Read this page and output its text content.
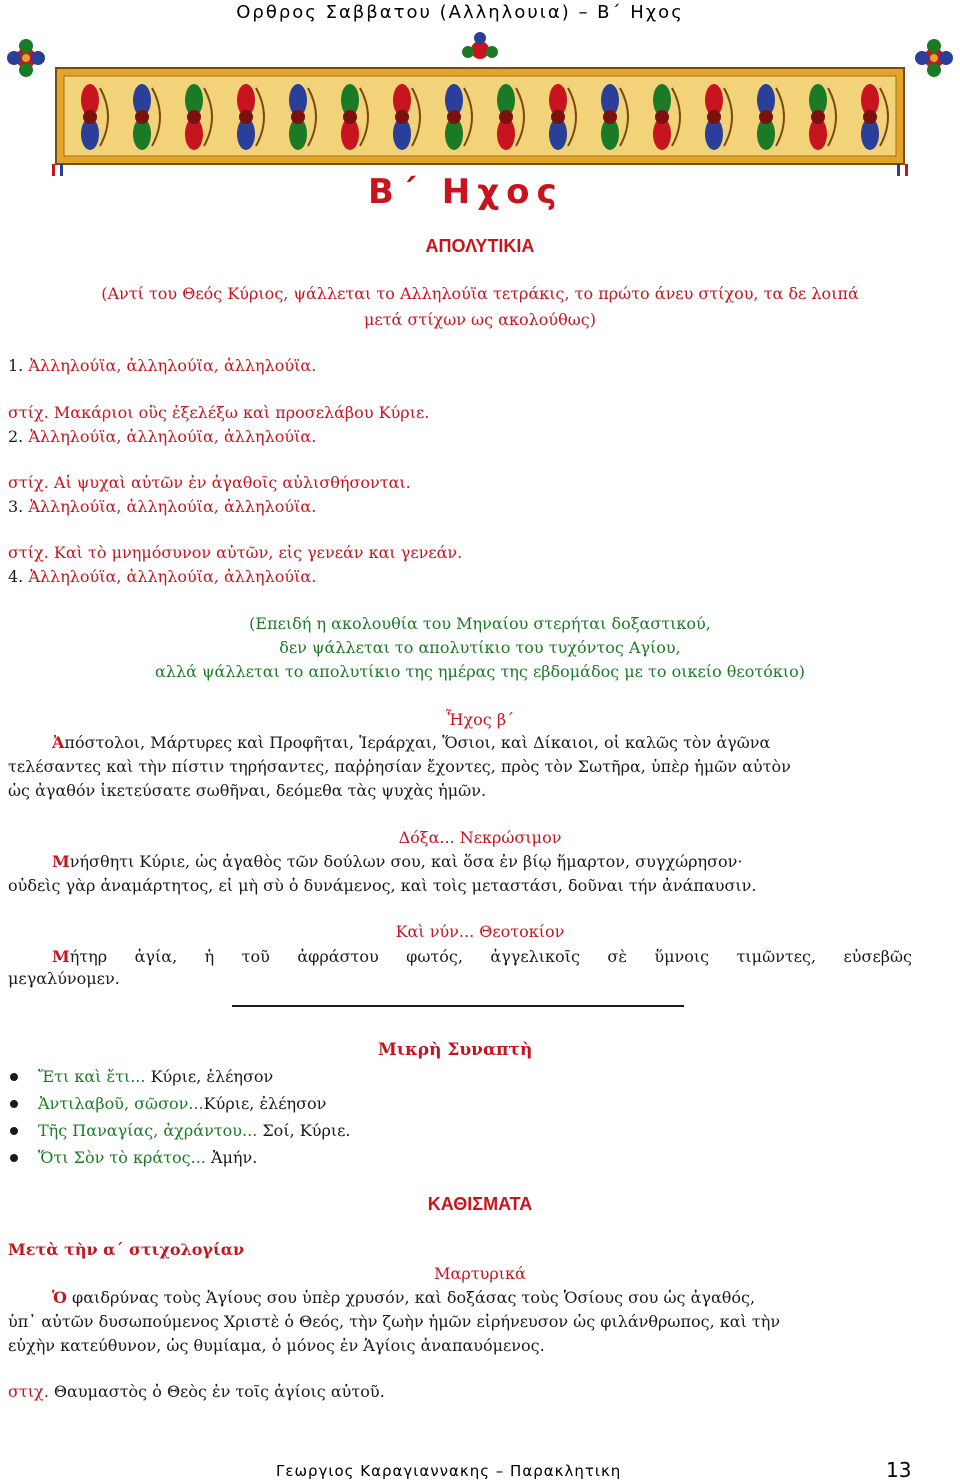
Ορθρος Σαββατου (Αλληλουια) – Β΄ Ηχος
Β΄ Ηχος
ΑΠΟΛΥΤΙΚΙΑ
(Αντί του Θεός Κύριος, ψάλλεται το Αλληλούϊα τετράκις, το πρώτο άνευ στίχου, τα δε λοιπά
μετά στίχων ως ακολούθως)
1. Ἀλληλούϊα, ἀλληλούϊα, ἀλληλούϊα.
στίχ. Μακάριοι οὓς ἐξελέξω καὶ προσελάβου Κύριε.
2. Ἀλληλούϊα, ἀλληλούϊα, ἀλληλούϊα.
στίχ. Αἱ ψυχαὶ αὐτῶν ἐν ἀγαθοῖς αὐλισθήσονται.
3. Ἀλληλούϊα, ἀλληλούϊα, ἀλληλούϊα.
στίχ. Καὶ τὸ μνημόσυνον αὐτῶν, εἰς γενεάν και γενεάν.
4. Ἀλληλούϊα, ἀλληλούϊα, ἀλληλούϊα.
(Επειδή η ακολουθία του Μηναίου στερήται δοξαστικού,
δεν ψάλλεται το απολυτίκιο του τυχόντος Αγίου,
αλλά ψάλλεται το απολυτίκιο της ημέρας της εβδομάδος με το οικείο θεοτόκιο)
Ἦχος β΄
Ἀπόστολοι, Μάρτυρες καὶ Προφῆται, Ἱεράρχαι, Ὅσιοι, καὶ Δίκαιοι, οἱ καλῶς τὸν ἀγῶνα
τελέσαντες καὶ τὴν πίστιν τηρήσαντες, παῤῥησίαν ἔχοντες, πρὸς τὸν Σωτῆρα, ὑπὲρ ἡμῶν αὐτὸν
ὡς ἀγαθόν ἱκετεύσατε σωθῆναι, δεόμεθα τὰς ψυχὰς ἡμῶν.
Δόξα... Νεκρώσιμον
Μνήσθητι Κύριε, ὡς ἀγαθὸς τῶν δούλων σου, καὶ ὅσα ἐν βίῳ ἥμαρτον, συγχώρησον·
οὐδεὶς γὰρ ἀναμάρτητος, εἰ μὴ σὺ ὁ δυνάμενος, καὶ τοὶς μεταστάσι, δοῦναι τήν ἀνάπαυσιν.
Καὶ νύν... Θεοτοκίον
Μήτηρ ἁγία, ἡ τοῦ ἀφράστου φωτός, ἀγγελικοῖς σὲ ὕμνοις τιμῶντες, εὐσεβῶς
μεγαλύνομεν.
Μικρὴ Συναπτὴ
Ἔτι καὶ ἔτι... Κύριε, ἐλέησον
Ἀντιλαβοῦ, σῶσον...Κύριε, ἐλέησον
Τῆς Παναγίας, ἀχράντου... Σοί, Κύριε.
Ὅτι Σὸν τὸ κράτος... Ἀμήν.
ΚΑΘΙΣΜΑΤΑ
Μετὰ τὴν α΄ στιχολογίαν
Μαρτυρικά
Ὁ φαιδρύνας τοὺς Ἁγίους σου ὑπὲρ χρυσόν, καὶ δοξάσας τοὺς Ὁσίους σου ὡς ἀγαθός,
ὑπ᾿ αὐτῶν δυσωπούμενος Χριστὲ ὁ Θεός, τὴν ζωὴν ἡμῶν εἰρήνευσον ὡς φιλάνθρωπος, καὶ τὴν
εὐχὴν κατεύθυνον, ὡς θυμίαμα, ὁ μόνος ἐν Ἁγίοις ἀναπαυόμενος.
στιχ. Θαυμαστὸς ὁ Θεὸς ἐν τοῖς ἁγίοις αὐτοῦ.
Γεωργιος Καραγιαννακης – Παρακλητικη	13
